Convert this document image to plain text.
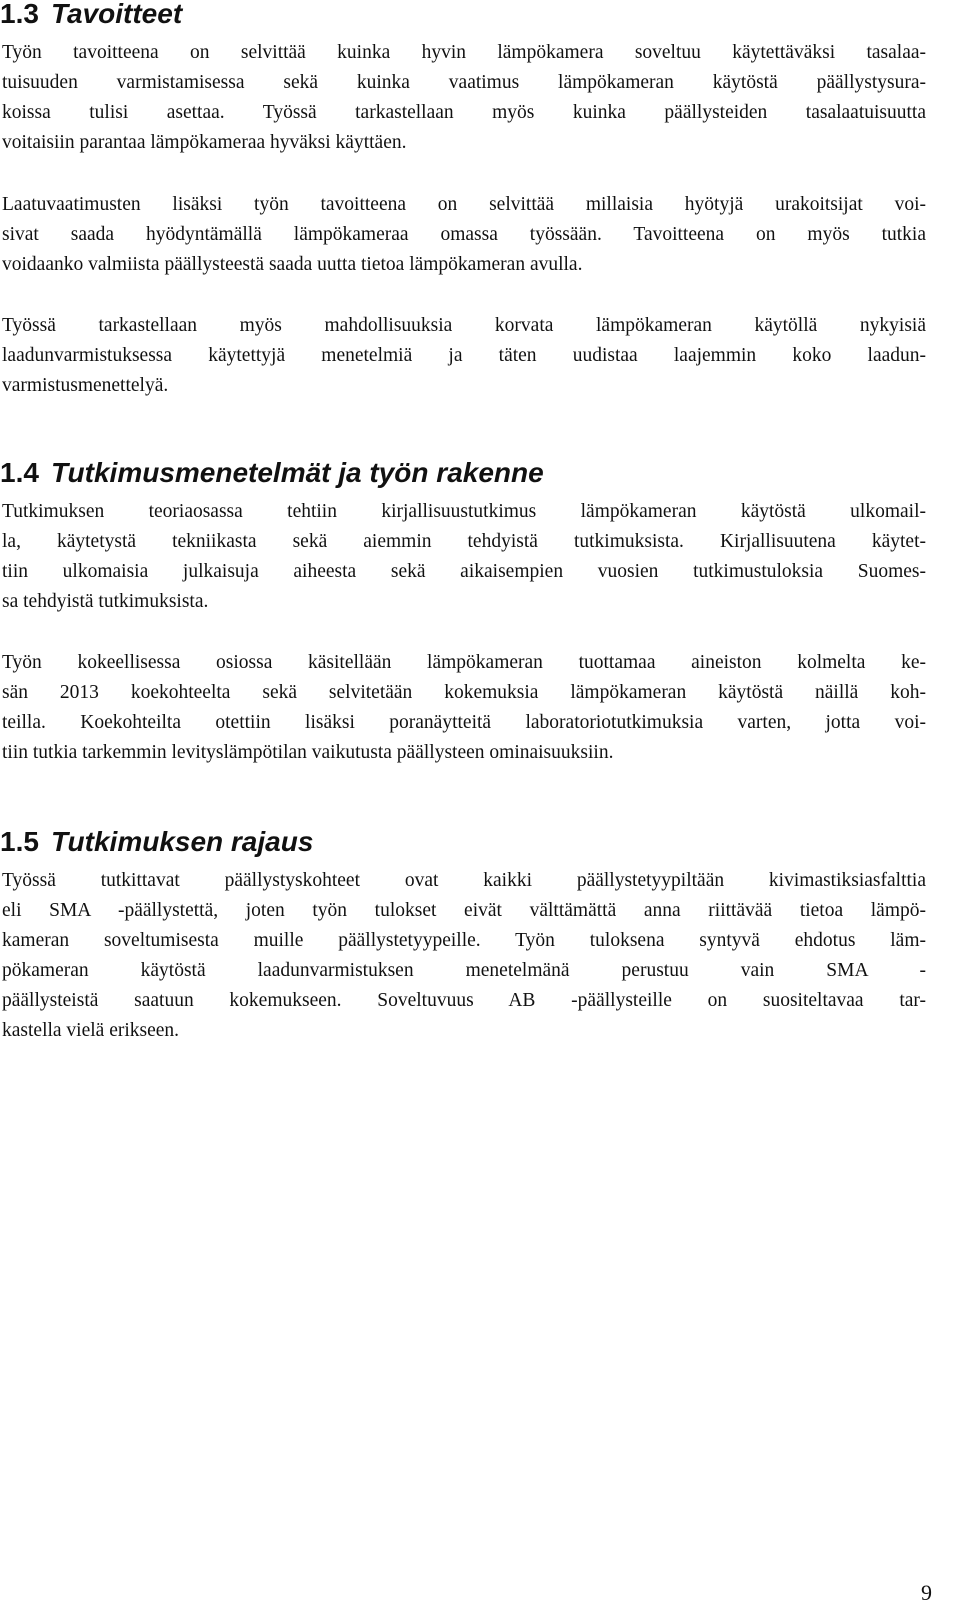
1.3 Tavoitteet

Työn tavoitteena on selvittää kuinka hyvin lämpökamera soveltuu käytettäväksi tasalaa-
tuisuuden varmistamisessa sekä kuinka vaatimus lämpökameran käytöstä päällystysura-
koissa tulisi asettaa. Työssä tarkastellaan myös kuinka päällysteiden tasalaatuisuutta
voitaisiin parantaa lämpökameraa hyväksi käyttäen.

Laatuvaatimusten lisäksi työn tavoitteena on selvittää millaisia hyötyjä urakoitsijat voi-
sivat saada hyödyntämällä lämpökameraa omassa työssään. Tavoitteena on myös tutkia
voidaanko valmiista päällysteestä saada uutta tietoa lämpökameran avulla.

Työssä tarkastellaan myös mahdollisuuksia korvata lämpökameran käytöllä nykyisiä
laadunvarmistuksessa käytettyjä menetelmiä ja täten uudistaa laajemmin koko laadun-
varmistusmenettelyä.

1.4 Tutkimusmenetelmät ja työn rakenne

Tutkimuksen teoriaosassa tehtiin kirjallisuustutkimus lämpökameran käytöstä ulkomail-
la, käytetystä tekniikasta sekä aiemmin tehdyistä tutkimuksista. Kirjallisuutena käytet-
tiin ulkomaisia julkaisuja aiheesta sekä aikaisempien vuosien tutkimustuloksia Suomes-
sa tehdyistä tutkimuksista.

Työn kokeellisessa osiossa käsitellään lämpökameran tuottamaa aineiston kolmelta ke-
sän 2013 koekohteelta sekä selvitetään kokemuksia lämpökameran käytöstä näillä koh-
teilla. Koekohteilta otettiin lisäksi poranäytteitä laboratoriotutkimuksia varten, jotta voi-
tiin tutkia tarkemmin levityslämpötilan vaikutusta päällysteen ominaisuuksiin.

1.5 Tutkimuksen rajaus

Työssä tutkittavat päällystyskohteet ovat kaikki päällystetyypiltään kivimastiksiasfalttia
eli SMA -päällystettä, joten työn tulokset eivät välttämättä anna riittävää tietoa lämpö-
kameran soveltumisesta muille päällystetyypeille. Työn tuloksena syntyvä ehdotus läm-
pökameran käytöstä laadunvarmistuksen menetelmänä perustuu vain SMA -
päällysteistä saatuun kokemukseen. Soveltuvuus AB -päällysteille on suositeltavaa tar-
kastella vielä erikseen.

9
